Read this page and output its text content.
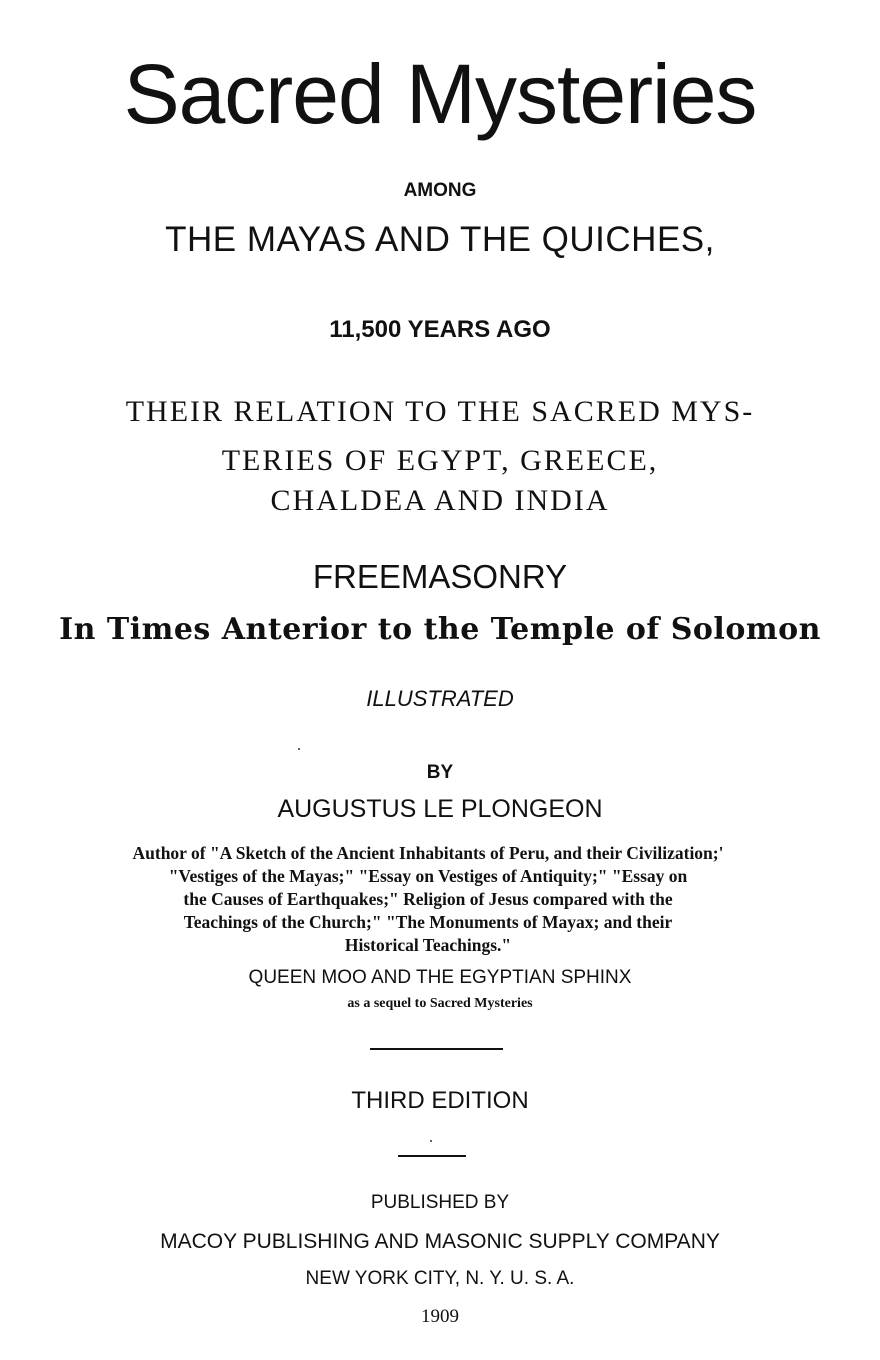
Sacred Mysteries
AMONG
THE MAYAS AND THE QUICHES,
11,500 YEARS AGO
THEIR RELATION TO THE SACRED MYS-
TERIES OF EGYPT, GREECE,
CHALDEA AND INDIA
FREEMASONRY
In Times Anterior to the Temple of Solomon
ILLUSTRATED
BY
AUGUSTUS LE PLONGEON
Author of "A Sketch of the Ancient Inhabitants of Peru, and their Civilization;'
"Vestiges of the Mayas;" "Essay on Vestiges of Antiquity;" "Essay on
the Causes of Earthquakes;" Religion of Jesus compared with the
Teachings of the Church;" "The Monuments of Mayax; and their
Historical Teachings."
QUEEN MOO AND THE EGYPTIAN SPHINX
as a sequel to Sacred Mysteries
THIRD EDITION
PUBLISHED BY
MACOY PUBLISHING AND MASONIC SUPPLY COMPANY
NEW YORK CITY, N. Y. U. S. A.
1909
